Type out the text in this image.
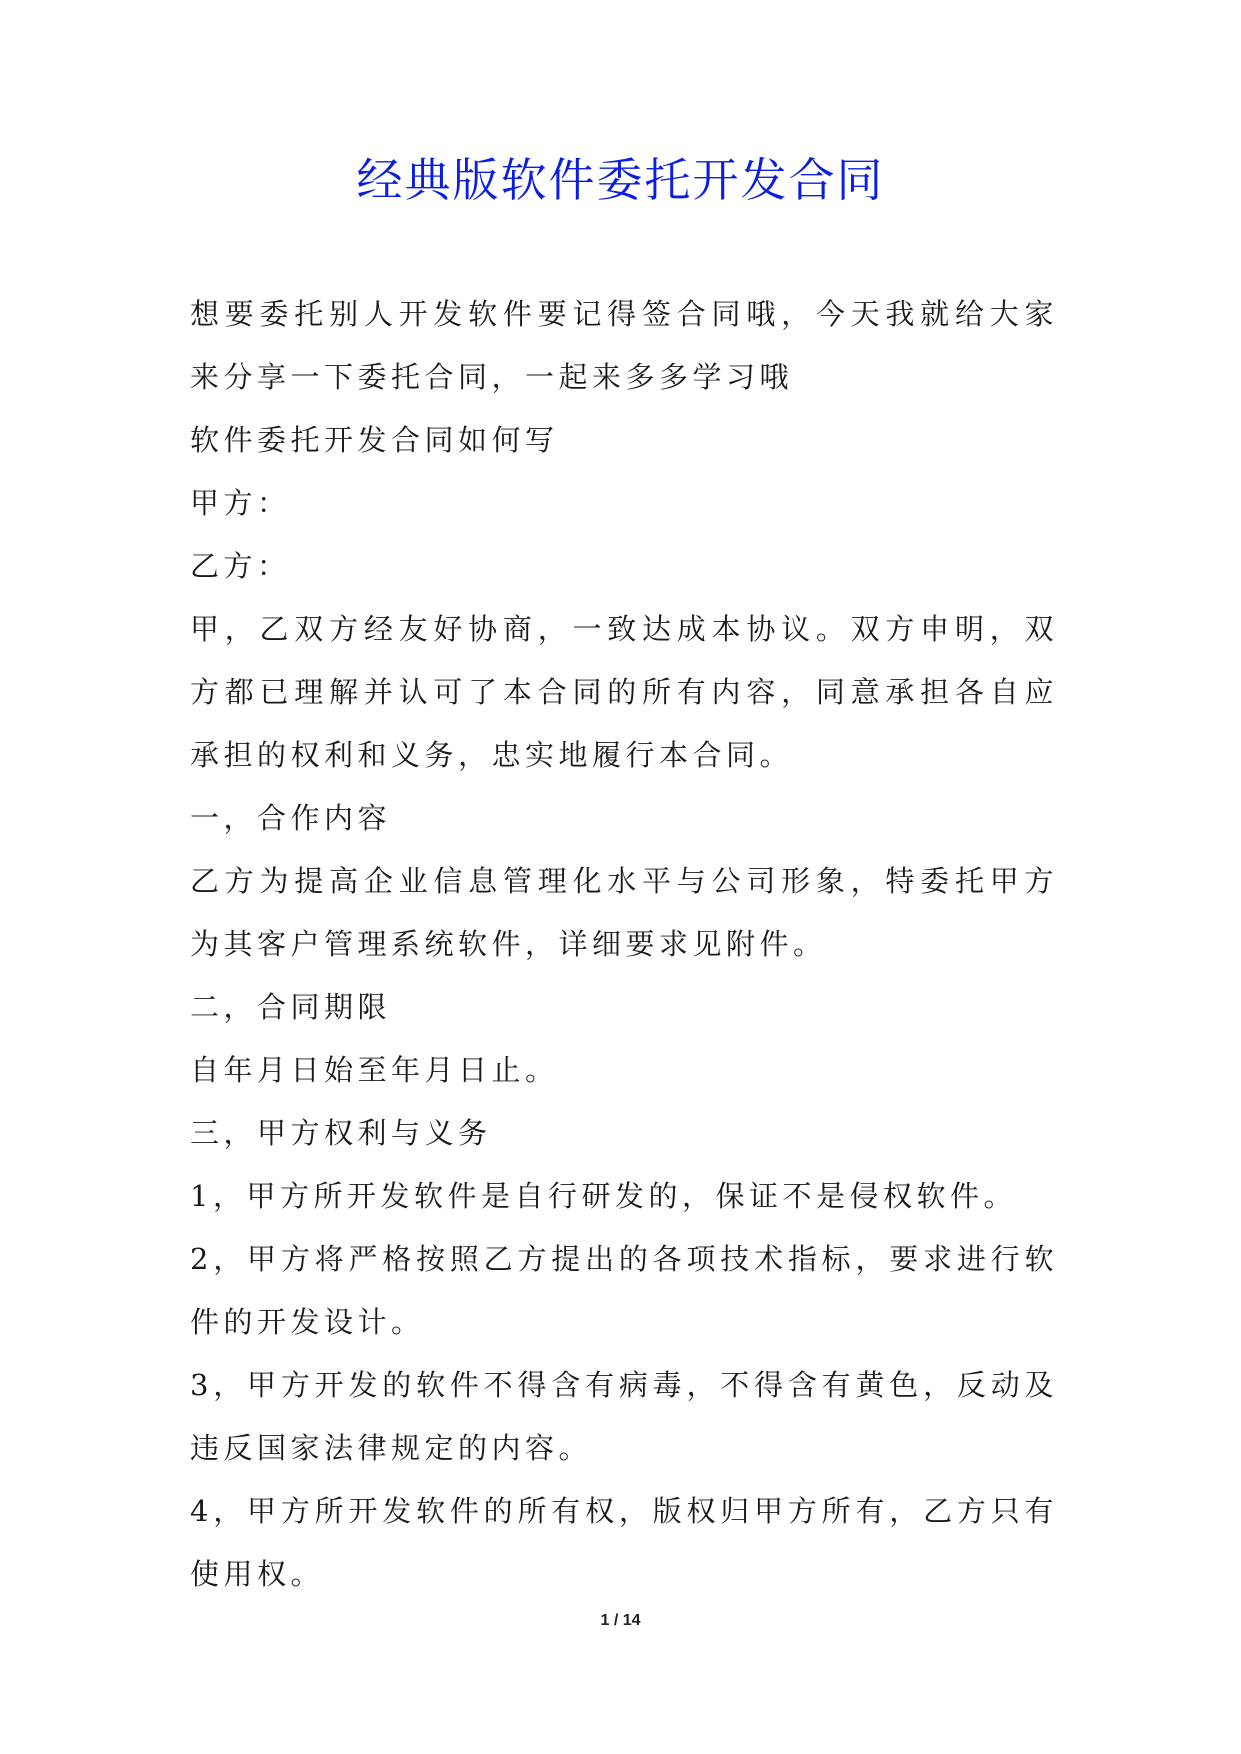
经典版软件委托开发合同

想要委托别人开发软件要记得签合同哦，今天我就给大家来分享一下委托合同，一起来多多学习哦

软件委托开发合同如何写

甲方：

乙方：

甲，乙双方经友好协商，一致达成本协议。双方申明，双方都已理解并认可了本合同的所有内容，同意承担各自应承担的权利和义务，忠实地履行本合同。

一，合作内容

乙方为提高企业信息管理化水平与公司形象，特委托甲方为其客户管理系统软件，详细要求见附件。

二，合同期限

自年月日始至年月日止。

三，甲方权利与义务

1，甲方所开发软件是自行研发的，保证不是侵权软件。

2，甲方将严格按照乙方提出的各项技术指标，要求进行软件的开发设计。

3，甲方开发的软件不得含有病毒，不得含有黄色，反动及违反国家法律规定的内容。

4，甲方所开发软件的所有权，版权归甲方所有，乙方只有使用权。

1 / 14
